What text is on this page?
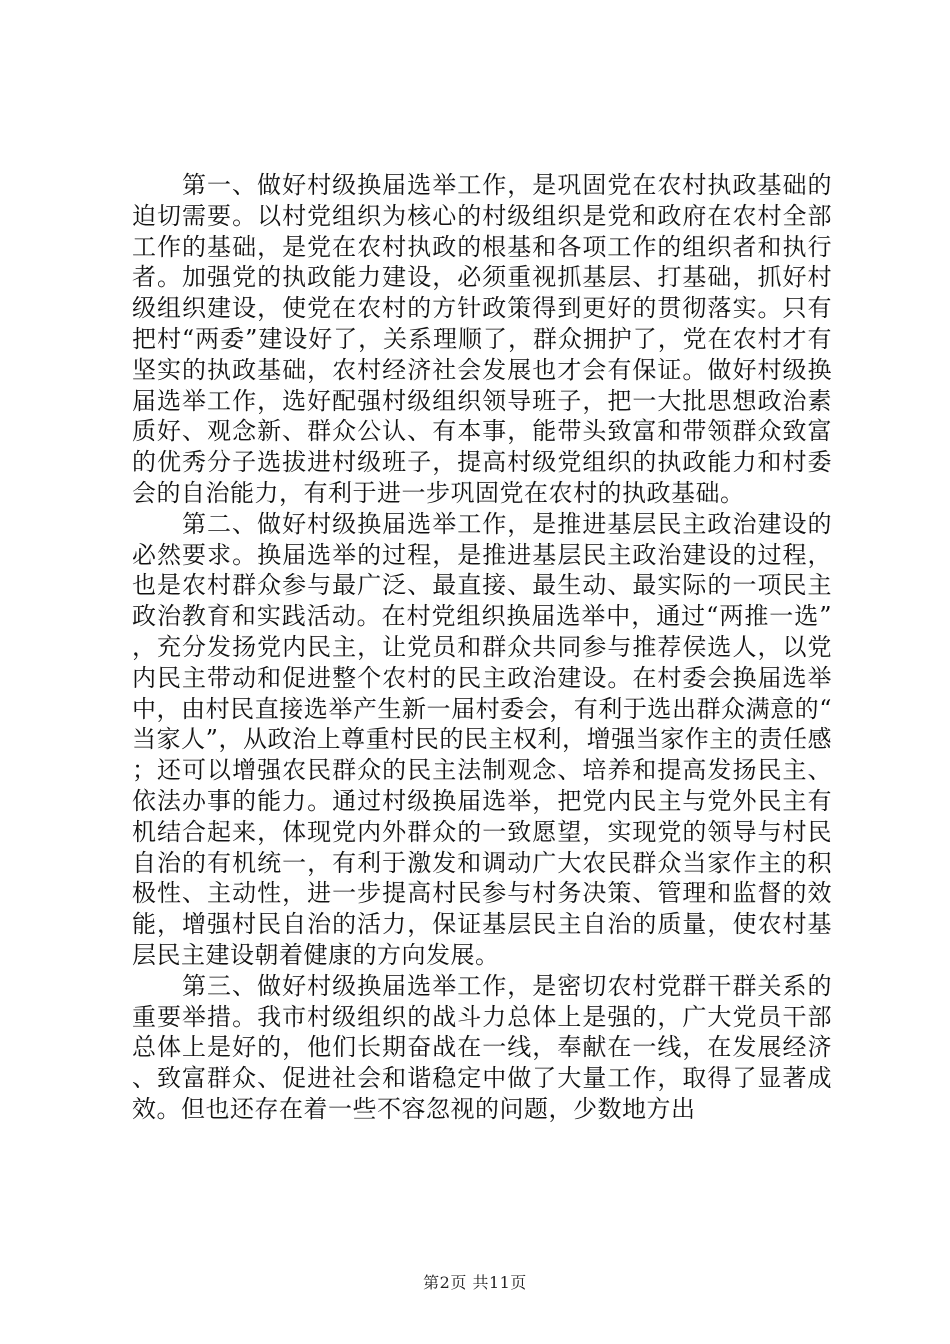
第一、做好村级换届选举工作，是巩固党在农村执政基础的迫切需要。以村党组织为核心的村级组织是党和政府在农村全部工作的基础，是党在农村执政的根基和各项工作的组织者和执行者。加强党的执政能力建设，必须重视抓基层、打基础，抓好村级组织建设，使党在农村的方针政策得到更好的贯彻落实。只有把村“两委”建设好了，关系理顺了，群众拥护了，党在农村才有坚实的执政基础，农村经济社会发展也才会有保证。做好村级换届选举工作，选好配强村级组织领导班子，把一大批思想政治素质好、观念新、群众公认、有本事，能带头致富和带领群众致富的优秀分子选拔进村级班子，提高村级党组织的执政能力和村委会的自治能力，有利于进一步巩固党在农村的执政基础。

第二、做好村级换届选举工作，是推进基层民主政治建设的必然要求。换届选举的过程，是推进基层民主政治建设的过程，也是农村群众参与最广泛、最直接、最生动、最实际的一项民主政治教育和实践活动。在村党组织换届选举中，通过“两推一选”，充分发扬党内民主，让党员和群众共同参与推荐侯选人，以党内民主带动和促进整个农村的民主政治建设。在村委会换届选举中，由村民直接选举产生新一届村委会，有利于选出群众满意的“当家人”，从政治上尊重村民的民主权利，增强当家作主的责任感；还可以增强农民群众的民主法制观念、培养和提高发扬民主、依法办事的能力。通过村级换届选举，把党内民主与党外民主有机结合起来，体现党内外群众的一致愿望，实现党的领导与村民自治的有机统一，有利于激发和调动广大农民群众当家作主的积极性、主动性，进一步提高村民参与村务决策、管理和监督的效能，增强村民自治的活力，保证基层民主自治的质量，使农村基层民主建设朝着健康的方向发展。

第三、做好村级换届选举工作，是密切农村党群干群关系的重要举措。我市村级组织的战斗力总体上是强的，广大党员干部总体上是好的，他们长期奋战在一线，奉献在一线，在发展经济、致富群众、促进社会和谐稳定中做了大量工作，取得了显著成效。但也还存在着一些不容忽视的问题，少数地方出

第2页 共11页
